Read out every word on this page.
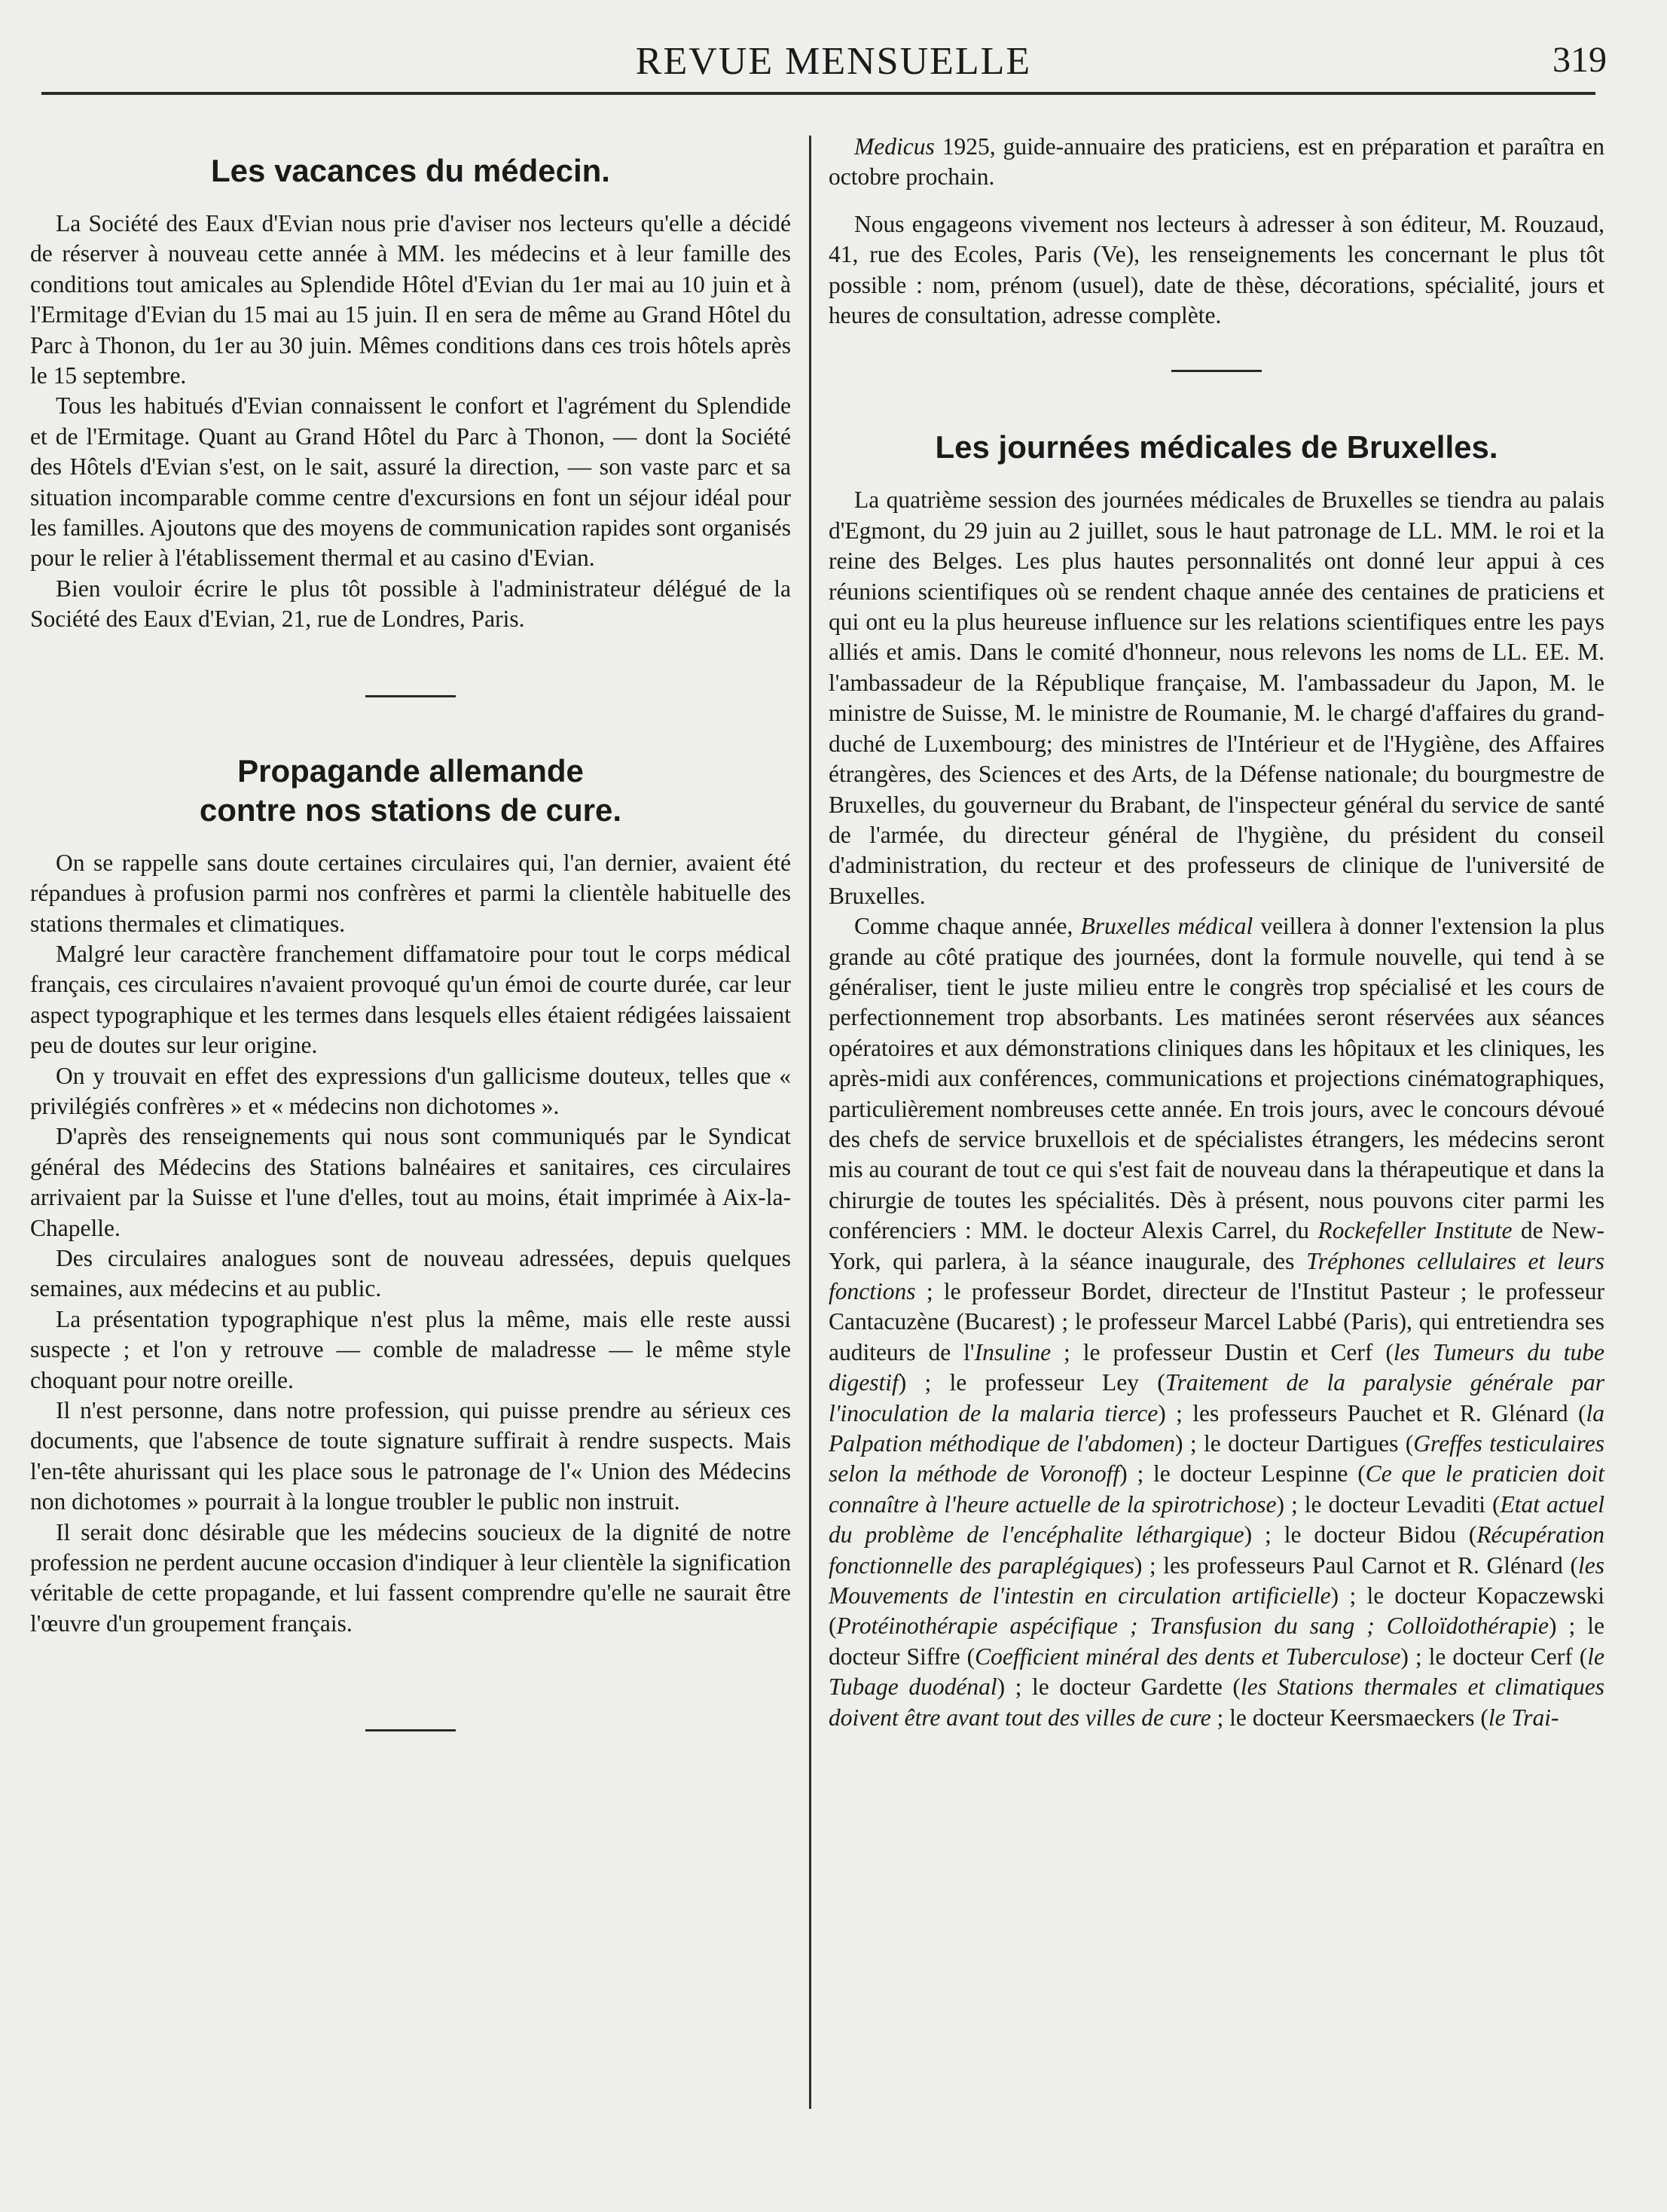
REVUE MENSUELLE	319
Les vacances du médecin.

La Société des Eaux d'Evian nous prie d'aviser nos lecteurs qu'elle a décidé de réserver à nouveau cette année à MM. les médecins et à leur famille des conditions tout amicales au Splendide Hôtel d'Evian du 1er mai au 10 juin et à l'Ermitage d'Evian du 15 mai au 15 juin. Il en sera de même au Grand Hôtel du Parc à Thonon, du 1er au 30 juin. Mêmes conditions dans ces trois hôtels après le 15 septembre.

Tous les habitués d'Evian connaissent le confort et l'agrément du Splendide et de l'Ermitage. Quant au Grand Hôtel du Parc à Thonon, — dont la Société des Hôtels d'Evian s'est, on le sait, assuré la direction, — son vaste parc et sa situation incomparable comme centre d'excursions en font un séjour idéal pour les familles. Ajoutons que des moyens de communication rapides sont organisés pour le relier à l'établissement thermal et au casino d'Evian.

Bien vouloir écrire le plus tôt possible à l'administrateur délégué de la Société des Eaux d'Evian, 21, rue de Londres, Paris.

Propagande allemande
contre nos stations de cure.

On se rappelle sans doute certaines circulaires qui, l'an dernier, avaient été répandues à profusion parmi nos confrères et parmi la clientèle habituelle des stations thermales et climatiques.

Malgré leur caractère franchement diffamatoire pour tout le corps médical français, ces circulaires n'avaient provoqué qu'un émoi de courte durée, car leur aspect typographique et les termes dans lesquels elles étaient rédigées laissaient peu de doutes sur leur origine.

On y trouvait en effet des expressions d'un gallicisme douteux, telles que « privilégiés confrères » et « médecins non dichotomes ».

D'après des renseignements qui nous sont communiqués par le Syndicat général des Médecins des Stations balnéaires et sanitaires, ces circulaires arrivaient par la Suisse et l'une d'elles, tout au moins, était imprimée à Aix-la-Chapelle.

Des circulaires analogues sont de nouveau adressées, depuis quelques semaines, aux médecins et au public.

La présentation typographique n'est plus la même, mais elle reste aussi suspecte ; et l'on y retrouve — comble de maladresse — le même style choquant pour notre oreille.

Il n'est personne, dans notre profession, qui puisse prendre au sérieux ces documents, que l'absence de toute signature suffirait à rendre suspects. Mais l'en-tête ahurissant qui les place sous le patronage de l'« Union des Médecins non dichotomes » pourrait à la longue troubler le public non instruit.

Il serait donc désirable que les médecins soucieux de la dignité de notre profession ne perdent aucune occasion d'indiquer à leur clientèle la signification véritable de cette propagande, et lui fassent comprendre qu'elle ne saurait être l'œuvre d'un groupement français.

Medicus 1925, guide-annuaire des praticiens, est en préparation et paraîtra en octobre prochain.

Nous engageons vivement nos lecteurs à adresser à son éditeur, M. Rouzaud, 41, rue des Ecoles, Paris (Ve), les renseignements les concernant le plus tôt possible : nom, prénom (usuel), date de thèse, décorations, spécialité, jours et heures de consultation, adresse complète.

Les journées médicales de Bruxelles.

La quatrième session des journées médicales de Bruxelles se tiendra au palais d'Egmont, du 29 juin au 2 juillet, sous le haut patronage de LL. MM. le roi et la reine des Belges. Les plus hautes personnalités ont donné leur appui à ces réunions scientifiques où se rendent chaque année des centaines de praticiens et qui ont eu la plus heureuse influence sur les relations scientifiques entre les pays alliés et amis. Dans le comité d'honneur, nous relevons les noms de LL. EE. M. l'ambassadeur de la République française, M. l'ambassadeur du Japon, M. le ministre de Suisse, M. le ministre de Roumanie, M. le chargé d'affaires du grand-duché de Luxembourg; des ministres de l'Intérieur et de l'Hygiène, des Affaires étrangères, des Sciences et des Arts, de la Défense nationale; du bourgmestre de Bruxelles, du gouverneur du Brabant, de l'inspecteur général du service de santé de l'armée, du directeur général de l'hygiène, du président du conseil d'administration, du recteur et des professeurs de clinique de l'université de Bruxelles.

Comme chaque année, Bruxelles médical veillera à donner l'extension la plus grande au côté pratique des journées, dont la formule nouvelle, qui tend à se généraliser, tient le juste milieu entre le congrès trop spécialisé et les cours de perfectionnement trop absorbants. Les matinées seront réservées aux séances opératoires et aux démonstrations cliniques dans les hôpitaux et les cliniques, les après-midi aux conférences, communications et projections cinématographiques, particulièrement nombreuses cette année. En trois jours, avec le concours dévoué des chefs de service bruxellois et de spécialistes étrangers, les médecins seront mis au courant de tout ce qui s'est fait de nouveau dans la thérapeutique et dans la chirurgie de toutes les spécialités. Dès à présent, nous pouvons citer parmi les conférenciers : MM. le docteur Alexis Carrel, du Rockefeller Institute de New-York, qui parlera, à la séance inaugurale, des Tréphones cellulaires et leurs fonctions ; le professeur Bordet, directeur de l'Institut Pasteur ; le professeur Cantacuzène (Bucarest) ; le professeur Marcel Labbé (Paris), qui entretiendra ses auditeurs de l'Insuline ; le professeur Dustin et Cerf (les Tumeurs du tube digestif) ; le professeur Ley (Traitement de la paralysie générale par l'inoculation de la malaria tierce) ; les professeurs Pauchet et R. Glénard (la Palpation méthodique de l'abdomen) ; le docteur Dartigues (Greffes testiculaires selon la méthode de Voronoff) ; le docteur Lespinne (Ce que le praticien doit connaître à l'heure actuelle de la spirotrichose) ; le docteur Levaditi (Etat actuel du problème de l'encéphalite léthargique) ; le docteur Bidou (Récupération fonctionnelle des paraplégiques) ; les professeurs Paul Carnot et R. Glénard (les Mouvements de l'intestin en circulation artificielle) ; le docteur Kopaczewski (Protéinothérapie aspécifique ; Transfusion du sang ; Colloïdothérapie) ; le docteur Siffre (Coefficient minéral des dents et Tuberculose) ; le docteur Cerf (le Tubage duodénal) ; le docteur Gardette (les Stations thermales et climatiques doivent être avant tout des villes de cure ; le docteur Keersmaeckers (le Trai-
